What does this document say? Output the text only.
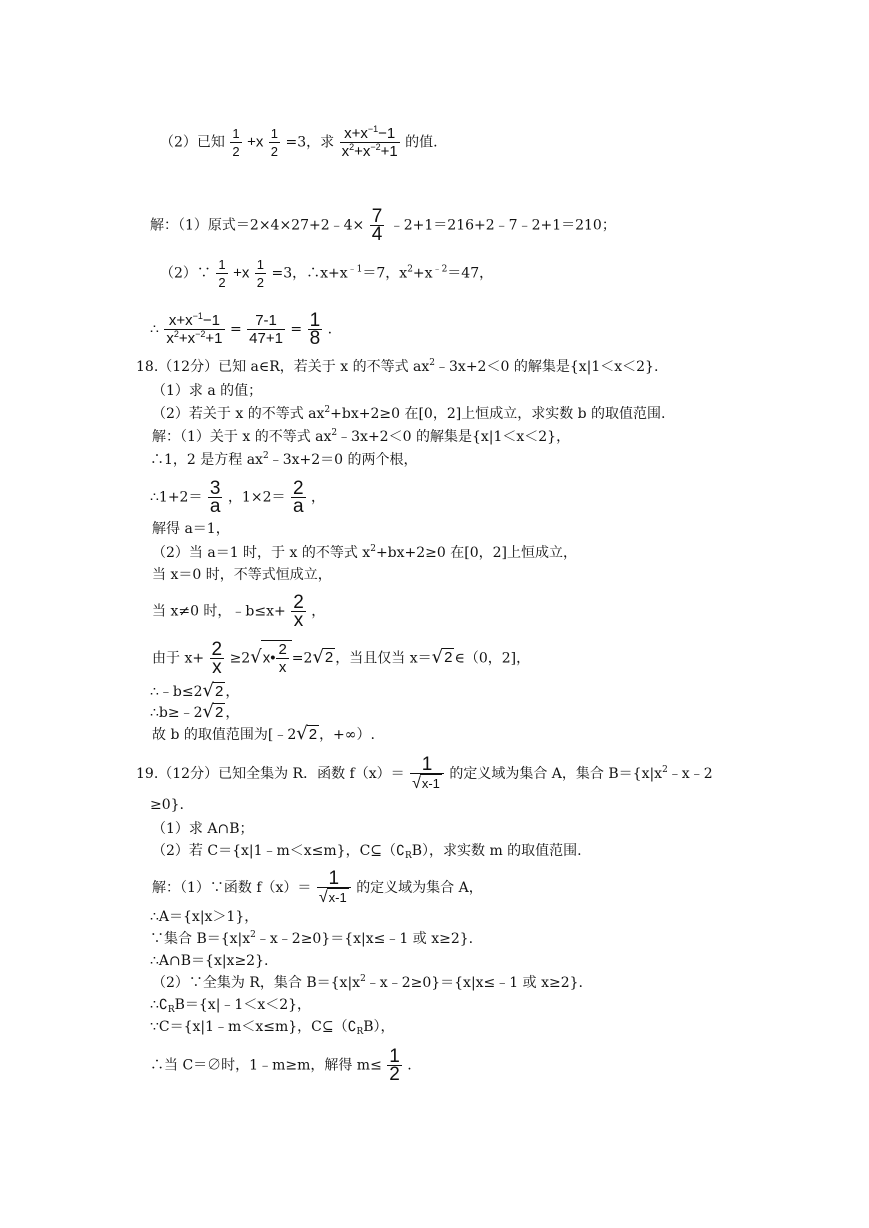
（2）已知 $\frac{1}{2} +x \frac{1}{2} =3$，求 $\frac{x+x^{-1}-1}{x^2+x^{-2}+1}$ 的值.
解：（1）原式＝2×4×27+2﹣4× $\frac{7}{4}$ ﹣2+1＝216+2﹣7﹣2+1＝210；
（2）∵ $\frac{1}{2} +x \frac{1}{2} =3$，$\therefore x+x^{﹣1}=7$，$x^2+x^{﹣2}=47$，
∴ $\frac{x+x^{-1}-1}{x^2+x^{-2}+1} = \frac{7-1}{47+1} = \frac{1}{8}$ .
18.（12分）已知 a∈R，若关于 x 的不等式 $ax^2﹣3x+2<0$ 的解集是{x|1＜x＜2}.
（1）求 a 的值；
（2）若关于 x 的不等式 $ax^2+bx+2\ge 0$ 在[0，2]上恒成立，求实数 b 的取值范围.
解：（1）关于 x 的不等式 $ax^2﹣3x+2<0$ 的解集是{x|1＜x＜2}，
∴1，2 是方程 $ax^2﹣3x+2=0$ 的两个根，
∴1+2＝ $\frac{3}{a}$ ，$1\times 2= \frac{2}{a}$ ，
解得 a＝1，
（2）当 a＝1 时，于 x 的不等式 $x^2+bx+2\ge 0$ 在[0，2]上恒成立，
当 x＝0 时，不等式恒成立，
当 x≠0 时，﹣b≤x+ $\frac{2}{x}$ ，
由于 $x+ \frac{2}{x}$ ≥2√x• $\frac{2}{x} =2√2$ ，当且仅当 x＝√2 ∈（0，2]，
∴﹣b≤2√2 ，
∴b≥﹣2√2 ，
故 b 的取值范围为[﹣2√2 ，+∞）.
19.（12分）已知全集为 R．函数 $f(x)= \frac{1}{√x-1}$ 的定义域为集合 A，集合 $B=\{x|x^2﹣x﹣2$
≥0}.
（1）求 A∩B；
（2）若 C＝{x|1﹣m＜x≤m}，$C⊆(∁_RB)$，求实数 m 的取值范围.
解：（1）∵函数 $f(x)= \frac{1}{√x-1}$ 的定义域为集合 A，
∴A＝{x|x＞1}，
∵集合 $B=\{x|x^2﹣x﹣2\ge 0\}=\{x|x\le﹣1$ 或 x≥2}.
∴A∩B＝{x|x≥2}.
（2）∵全集为 R，集合 $B=\{x|x^2﹣x﹣2\ge 0\}=\{x|x\le﹣1$ 或 x≥2}.
$\therefore∁_RB=\{x|﹣1<x<2\}$，
∵C＝{x|1﹣m＜x≤m}，$C⊆(∁_RB)$，
∴当 C＝∅时，1﹣m≥m，解得 $m\le \frac{1}{2}$ .
